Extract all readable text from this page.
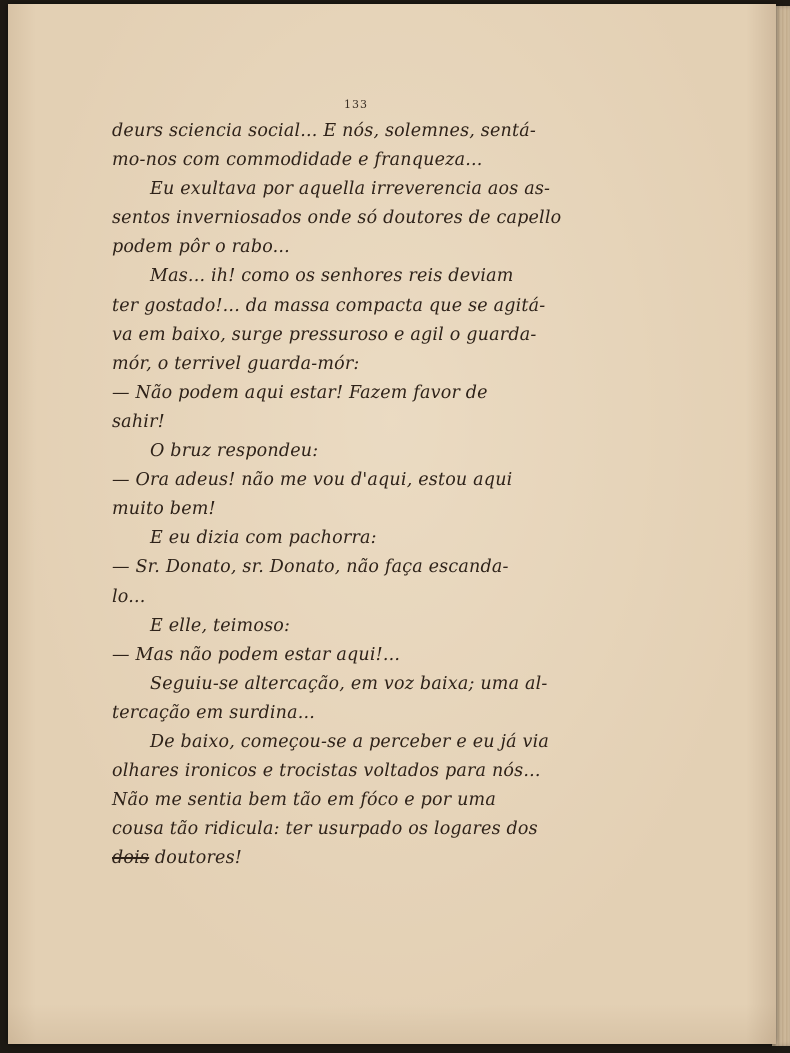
133
deurs sciencia social... E nós, solemnes, sentá-
mo-nos com commodidade e franqueza...
Eu exultava por aquella irreverencia aos as-
sentos inverniosados onde só doutores de capello
podem pôr o rabo...
Mas... ih! como os senhores reis deviam
ter gostado!... da massa compacta que se agitá-
va em baixo, surge pressuroso e agil o guarda-
mór, o terrivel guarda-mór:
— Não podem aqui estar! Fazem favor de
sahir!
O bruz respondeu:
— Ora adeus! não me vou d'aqui, estou aqui
muito bem!
E eu dizia com pachorra:
— Sr. Donato, sr. Donato, não faça escanda-
lo...
E elle, teimoso:
— Mas não podem estar aqui!...
Seguiu-se altercação, em voz baixa; uma al-
tercação em surdina...
De baixo, começou-se a perceber e eu já via
olhares ironicos e trocistas voltados para nós...
Não me sentia bem tão em fóco e por uma
cousa tão ridicula: ter usurpado os logares dos
dois doutores!
